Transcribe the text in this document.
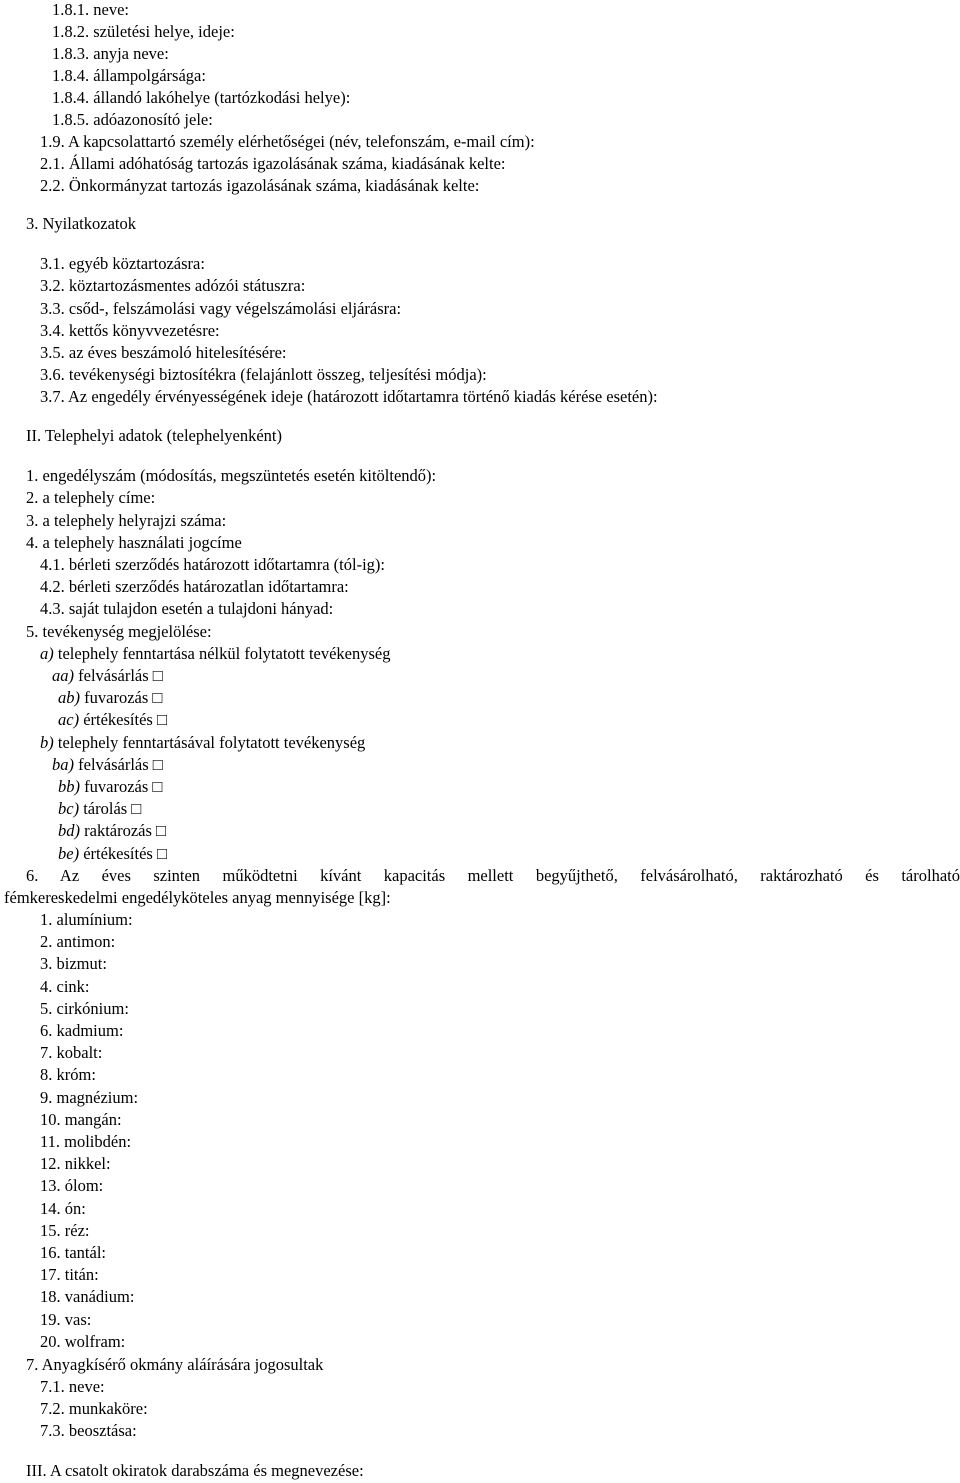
1.8.1. neve:
1.8.2. születési helye, ideje:
1.8.3. anyja neve:
1.8.4. állampolgársága:
1.8.4. állandó lakóhelye (tartózkodási helye):
1.8.5. adóazonosító jele:
1.9. A kapcsolattartó személy elérhetőségei (név, telefonszám, e-mail cím):
2.1. Állami adóhatóság tartozás igazolásának száma, kiadásának kelte:
2.2. Önkormányzat tartozás igazolásának száma, kiadásának kelte:
3. Nyilatkozatok
3.1. egyéb köztartozásra:
3.2. köztartozásmentes adózói státuszra:
3.3. csőd-, felszámolási vagy végelszámolási eljárásra:
3.4. kettős könyvvezetésre:
3.5. az éves beszámoló hitelesítésére:
3.6. tevékenységi biztosítékra (felajánlott összeg, teljesítési módja):
3.7. Az engedély érvényességének ideje (határozott időtartamra történő kiadás kérése esetén):
II. Telephelyi adatok (telephelyenként)
1. engedélyszám (módosítás, megszüntetés esetén kitöltendő):
2. a telephely címe:
3. a telephely helyrajzi száma:
4. a telephely használati jogcíme
4.1. bérleti szerződés határozott időtartamra (tól-ig):
4.2. bérleti szerződés határozatlan időtartamra:
4.3. saját tulajdon esetén a tulajdoni hányad:
5. tevékenység megjelölése:
a) telephely fenntartása nélkül folytatott tevékenység
aa) felvásárlás □
ab) fuvarozás □
ac) értékesítés □
b) telephely fenntartásával folytatott tevékenység
ba) felvásárlás □
bb) fuvarozás □
bc) tárolás □
bd) raktározás □
be) értékesítés □
6. Az éves szinten működtetni kívánt kapacitás mellett begyűjthető, felvásárolható, raktározható és tárolható
fémkereskedelmi engedélyköteles anyag mennyisége [kg]:
1. alumínium:
2. antimon:
3. bizmut:
4. cink:
5. cirkónium:
6. kadmium:
7. kobalt:
8. króm:
9. magnézium:
10. mangán:
11. molibdén:
12. nikkel:
13. ólom:
14. ón:
15. réz:
16. tantál:
17. titán:
18. vanádium:
19. vas:
20. wolfram:
7. Anyagkísérő okmány aláírására jogosultak
7.1. neve:
7.2. munkaköre:
7.3. beosztása:
III. A csatolt okiratok darabszáma és megnevezése:
